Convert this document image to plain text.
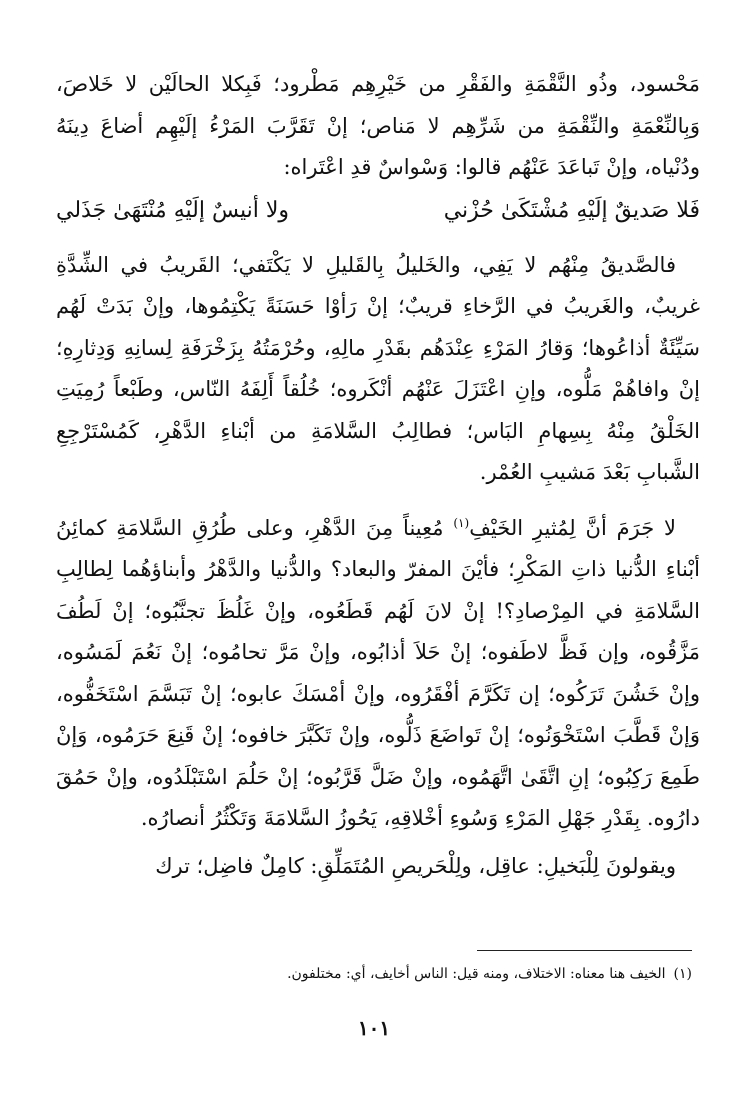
مَحْسود، وذُو النَّقْمَةِ والفَقْرِ من خَيْرِهِم مَطْرود؛ فَبِكلا الحالَيْن لا خَلاصَ، وَبِالنِّعْمَةِ والنِّقْمَةِ من شَرِّهِم لا مَناص؛ إنْ تَقَرَّبَ المَرْءُ إلَيْهِم أضاعَ دِينَهُ ودُنْياه، وإنْ تَباعَدَ عَنْهُم قالوا: وَسْواسٌ قدِ اعْتَراه:

فَلا صَديقٌ إلَيْهِ مُشْتَكَىٰ حُزْني
ولا أنيسٌ إلَيْهِ مُنْتَهَىٰ جَذَلي

فالصَّديقُ مِنْهُم لا يَفِي، والخَليلُ بِالقَليلِ لا يَكْتَفي؛ القَريبُ في الشِّدَّةِ غريبٌ، والغَريبُ في الرَّخاءِ قريبٌ؛ إنْ رَأوْا حَسَنَةً يَكْتِمُوها، وإنْ بَدَتْ لَهُم سَيِّئَةٌ أذاعُوها؛ وَقارُ المَرْءِ عِنْدَهُم بقَدْرِ مالِهِ، وحُرْمَتُهُ بِزَخْرَفَةِ لِسانِهِ وَدِثارِهِ؛ إنْ وافاهُمْ مَلُّوه، وإنِ اعْتَزَلَ عَنْهُم أنْكَروه؛ خُلُقاً أَلِفَهُ النّاس، وطَبْعاً رُمِيَتِ الخَلْقُ مِنْهُ بِسِهامِ البَاس؛ فطالِبُ السَّلامَةِ من أبْناءِ الدَّهْرِ، كَمُسْتَرْجِعِ الشَّبابِ بَعْدَ مَشيبِ العُمْر.

لا جَرَمَ أنَّ لِمُثيرِ الخَيْفِ$^{(١)}$ مُعِيناً مِنَ الدَّهْرِ، وعلى طُرُقِ السَّلامَةِ كمائِنُ أبْناءِ الدُّنيا ذاتِ المَكْرِ؛ فأيْنَ المفرّ والبعاد؟ والدُّنيا والدَّهْرُ وأبناؤهُما لِطالِبِ السَّلامَةِ في المِرْصادِ؟! إنْ لانَ لَهُم قَطَعُوه، وإنْ غَلُظَ تجنَّبُوه؛ إنْ لَطُفَ مَزَّقُوه، وإن فَظَّ لاطَفوه؛ إنْ حَلاَ أذابُوه، وإنْ مَرَّ تحامُوه؛ إنْ نَعُمَ لَمَسُوه، وإنْ خَشُنَ تَرَكُوه؛ إن تَكَرَّمَ أفْقَرُوه، وإنْ أمْسَكَ عابوه؛ إنْ تَبَسَّمَ اسْتَخَفُّوه، وَإنْ قَطَّبَ اسْتَخْوَنُوه؛ إنْ تَواضَعَ ذَلُّوه، وإنْ تَكَبَّرَ خافوه؛ إنْ قَنِعَ حَرَمُوه، وَإنْ طَمِعَ رَكِبُوه؛ إنِ اتَّقَىٰ اتَّهَمُوه، وإنْ ضَلَّ قَرَّبُوه؛ إنْ حَلُمَ اسْتَبْلَدُوه، وإنْ حَمُقَ دارُوه. بِقَدْرِ جَهْلِ المَرْءِ وَسُوءِ أخْلاقِهِ، يَحُوزُ السَّلامَةَ وَتَكْثُرُ أنصارُه.

ويقولونَ لِلْبَخيلِ: عاقِل، ولِلْحَريصِ المُتَمَلِّقِ: كامِلٌ فاضِل؛ ترك

(١)الخيف هنا معناه: الاختلاف، ومنه قيل: الناس أخايف، أي: مختلفون.
١٠١
